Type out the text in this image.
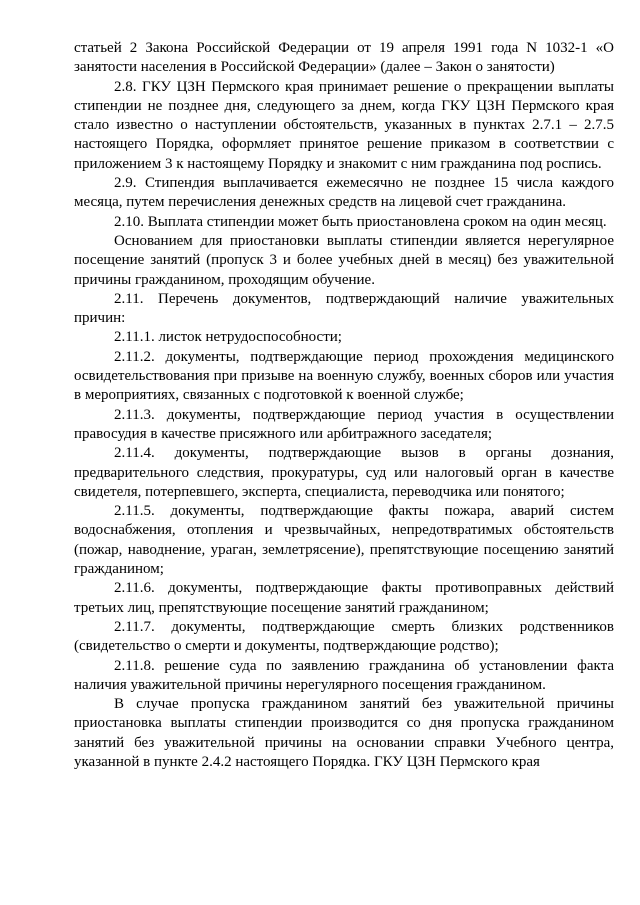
статьей 2 Закона Российской Федерации от 19 апреля 1991 года N 1032-1 «О занятости населения в Российской Федерации» (далее – Закон о занятости)

2.8. ГКУ ЦЗН Пермского края принимает решение о прекращении выплаты стипендии не позднее дня, следующего за днем, когда ГКУ ЦЗН Пермского края стало известно о наступлении обстоятельств, указанных в пунктах 2.7.1 – 2.7.5 настоящего Порядка, оформляет принятое решение приказом в соответствии с приложением 3 к настоящему Порядку и знакомит с ним гражданина под роспись.

2.9. Стипендия выплачивается ежемесячно не позднее 15 числа каждого месяца, путем перечисления денежных средств на лицевой счет гражданина.

2.10. Выплата стипендии может быть приостановлена сроком на один месяц.

Основанием для приостановки выплаты стипендии является нерегулярное посещение занятий (пропуск 3 и более учебных дней в месяц) без уважительной причины гражданином, проходящим обучение.

2.11. Перечень документов, подтверждающий наличие уважительных причин:

2.11.1. листок нетрудоспособности;

2.11.2. документы, подтверждающие период прохождения медицинского освидетельствования при призыве на военную службу, военных сборов или участия в мероприятиях, связанных с подготовкой к военной службе;

2.11.3. документы, подтверждающие период участия в осуществлении правосудия в качестве присяжного или арбитражного заседателя;

2.11.4. документы, подтверждающие вызов в органы дознания, предварительного следствия, прокуратуры, суд или налоговый орган в качестве свидетеля, потерпевшего, эксперта, специалиста, переводчика или понятого;

2.11.5. документы, подтверждающие факты пожара, аварий систем водоснабжения, отопления и чрезвычайных, непредотвратимых обстоятельств (пожар, наводнение, ураган, землетрясение), препятствующие посещению занятий гражданином;

2.11.6. документы, подтверждающие факты противоправных действий третьих лиц, препятствующие посещение занятий гражданином;

2.11.7. документы, подтверждающие смерть близких родственников (свидетельство о смерти и документы, подтверждающие родство);

2.11.8. решение суда по заявлению гражданина об установлении факта наличия уважительной причины нерегулярного посещения гражданином.

В случае пропуска гражданином занятий без уважительной причины приостановка выплаты стипендии производится со дня пропуска гражданином занятий без уважительной причины на основании справки Учебного центра, указанной в пункте 2.4.2 настоящего Порядка. ГКУ ЦЗН Пермского края
